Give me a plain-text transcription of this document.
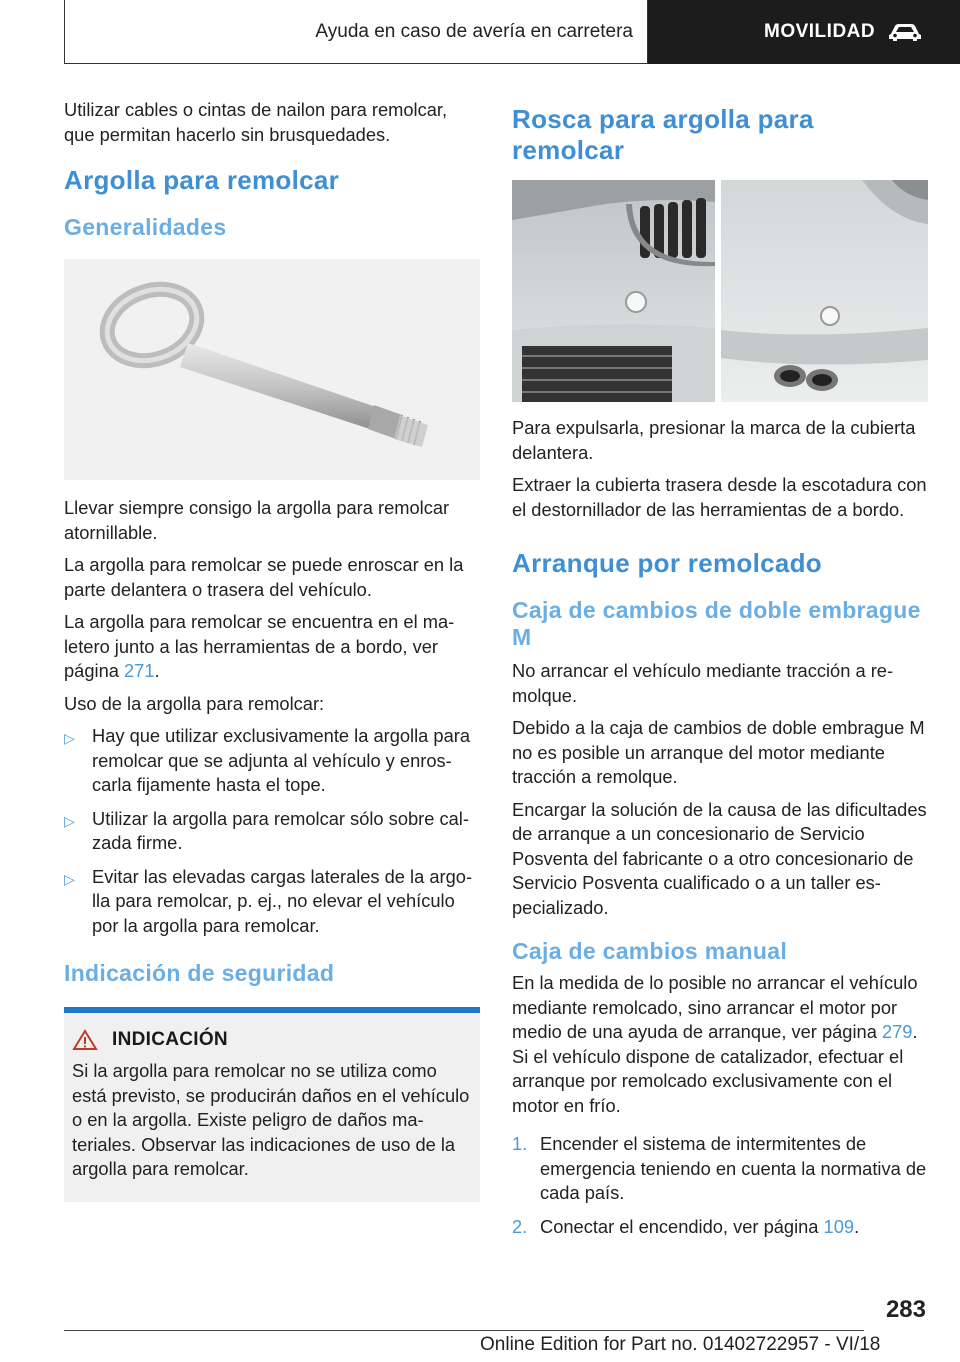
Ayuda en caso de avería en carretera	MOVILIDAD

Utilizar cables o cintas de nailon para remolcar, que permitan hacerlo sin brusquedades.

Argolla para remolcar
Generalidades

Llevar siempre consigo la argolla para remolcar atornillable.

La argolla para remolcar se puede enroscar en la parte delantera o trasera del vehículo.

La argolla para remolcar se encuentra en el maletero junto a las herramientas de a bordo, ver página 271.

Uso de la argolla para remolcar:

▷ Hay que utilizar exclusivamente la argolla para remolcar que se adjunta al vehículo y enroscarla fijamente hasta el tope.
▷ Utilizar la argolla para remolcar sólo sobre calzada firme.
▷ Evitar las elevadas cargas laterales de la argolla para remolcar, p. ej., no elevar el vehículo por la argolla para remolcar.
Indicación de seguridad
INDICACIÓN

Si la argolla para remolcar no se utiliza como está previsto, se producirán daños en el vehículo o en la argolla. Existe peligro de daños materiales. Observar las indicaciones de uso de la argolla para remolcar.

Rosca para argolla para remolcar

Para expulsarla, presionar la marca de la cubierta delantera.

Extraer la cubierta trasera desde la escotadura con el destornillador de las herramientas de a bordo.

Arranque por remolcado
Caja de cambios de doble embrague M

No arrancar el vehículo mediante tracción a remolque.

Debido a la caja de cambios de doble embrague M no es posible un arranque del motor mediante tracción a remolque.

Encargar la solución de la causa de las dificultades de arranque a un concesionario de Servicio Posventa del fabricante o a otro concesionario de Servicio Posventa cualificado o a un taller especializado.

Caja de cambios manual

En la medida de lo posible no arrancar el vehículo mediante remolcado, sino arrancar el motor por medio de una ayuda de arranque, ver página 279. Si el vehículo dispone de catalizador, efectuar el arranque por remolcado exclusivamente con el motor en frío.

1. Encender el sistema de intermitentes de emergencia teniendo en cuenta la normativa de cada país.
2. Conectar el encendido, ver página 109.
283
Online Edition for Part no. 01402722957 - VI/18
